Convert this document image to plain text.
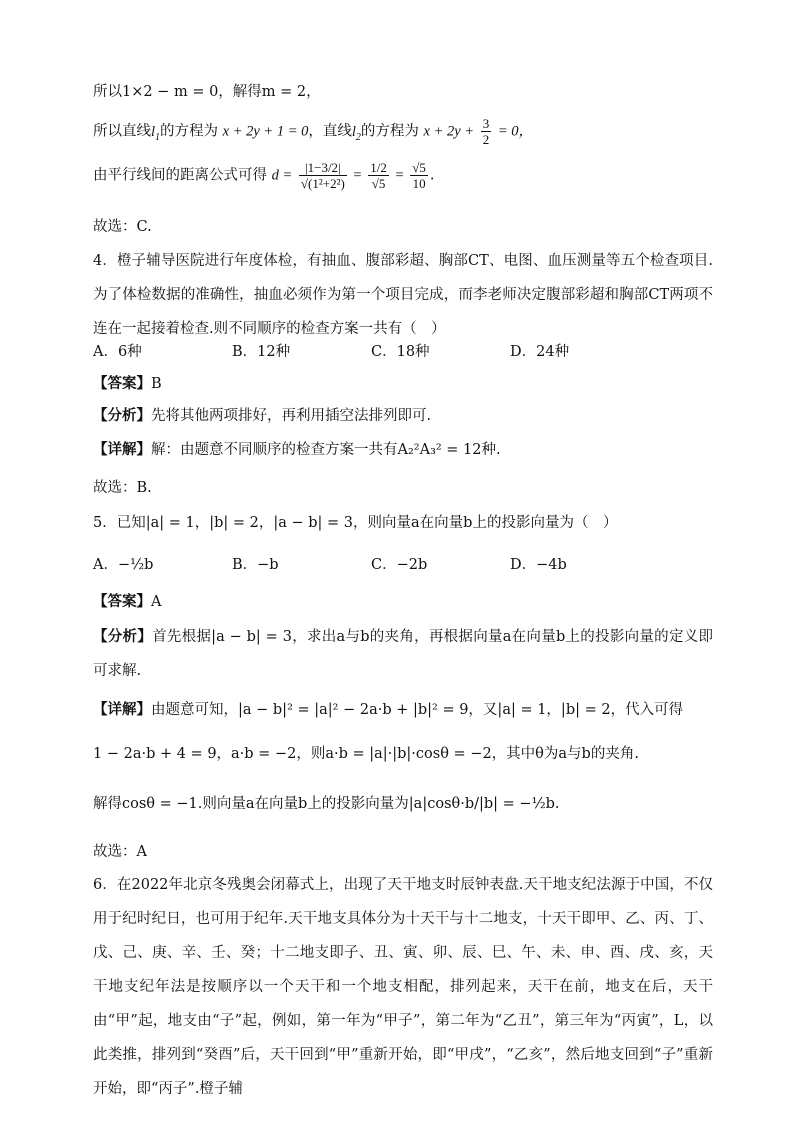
所以1×2 − m = 0，解得m = 2，
所以直线$l_1$的方程为 x + 2y + 1 = 0，直线$l_2$的方程为 $x + 2y + \frac{3}{2} = 0$，
由平行线间的距离公式可得 $d = \frac{|1-3/2|}{\text{√(1²+2²)}} = \frac{1/2}{√5} = \frac{√5}{10}$ .
故选：C.
4．橙子辅导医院进行年度体检，有抽血、腹部彩超、胸部CT、电图、血压测量等五个检查项目.为了体检数据的准确性，抽血必须作为第一个项目完成，而李老师决定腹部彩超和胸部CT两项不连在一起接着检查.则不同顺序的检查方案一共有（　）
A．6种	B．12种	C．18种	D．24种
【答案】B
【分析】先将其他两项排好，再利用插空法排列即可.
【详解】解：由题意不同顺序的检查方案一共有A₂²A₃² = 12种.
故选：B.
5．已知|a| = 1，|b| = 2，|a − b| = 3，则向量a在向量b上的投影向量为（　）
A．−½b	B．−b	C．−2b	D．−4b
【答案】A
【分析】首先根据|a − b| = 3，求出a与b的夹角，再根据向量a在向量b上的投影向量的定义即可求解.
【详解】由题意可知，|a − b|² = |a|² − 2a·b + |b|² = 9，又|a| = 1，|b| = 2，代入可得
1 − 2a·b + 4 = 9，a·b = −2，则a·b = |a|·|b|·cosθ = −2，其中θ为a与b的夹角.
解得cosθ = −1.则向量a在向量b上的投影向量为|a|cosθ·b/|b| = −½b.
故选：A
6．在2022年北京冬残奥会闭幕式上，出现了天干地支时辰钟表盘.天干地支纪法源于中国，不仅用于纪时纪日，也可用于纪年.天干地支具体分为十天干与十二地支，十天干即甲、乙、丙、丁、戊、己、庚、辛、壬、癸；十二地支即子、丑、寅、卯、辰、巳、午、未、申、酉、戌、亥，天干地支纪年法是按顺序以一个天干和一个地支相配，排列起来，天干在前，地支在后，天干由“甲”起，地支由“子”起，例如，第一年为“甲子”，第二年为“乙丑”，第三年为“丙寅”，L，以此类推，排列到“癸酉”后，天干回到“甲”重新开始，即“甲戌”，“乙亥”，然后地支回到“子”重新开始，即“丙子”.橙子辅
